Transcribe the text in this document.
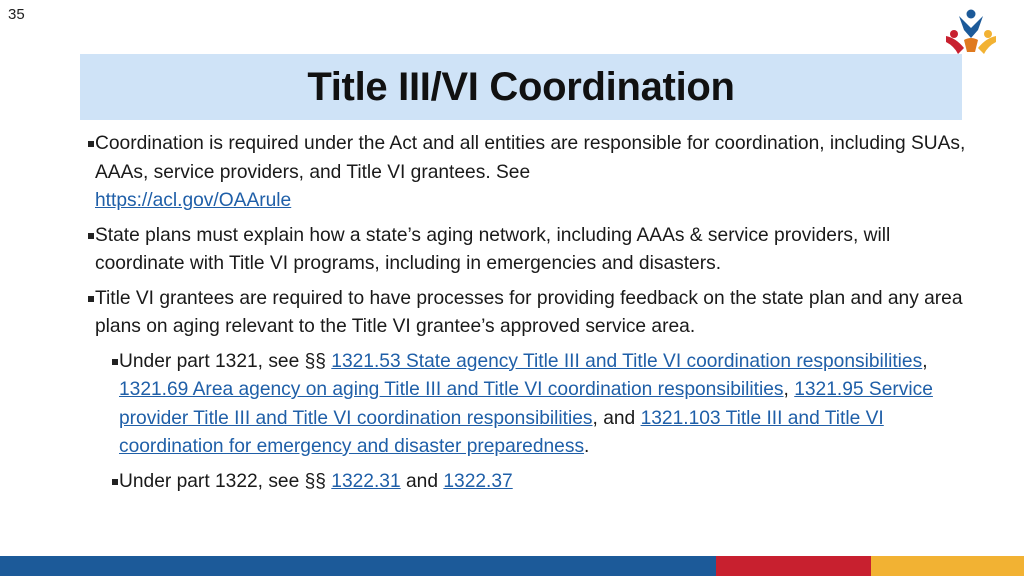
35
Title III/VI Coordination
Coordination is required under the Act and all entities are responsible for coordination, including SUAs, AAAs, service providers, and Title VI grantees. See
https://acl.gov/OAArule
State plans must explain how a state’s aging network, including AAAs & service providers, will coordinate with Title VI programs, including in emergencies and disasters.
Title VI grantees are required to have processes for providing feedback on the state plan and any area plans on aging relevant to the Title VI grantee’s approved service area.
Under part 1321, see §§ 1321.53 State agency Title III and Title VI coordination responsibilities, 1321.69 Area agency on aging Title III and Title VI coordination responsibilities, 1321.95 Service provider Title III and Title VI coordination responsibilities, and 1321.103 Title III and Title VI coordination for emergency and disaster preparedness.
Under part 1322, see §§ 1322.31 and 1322.37
